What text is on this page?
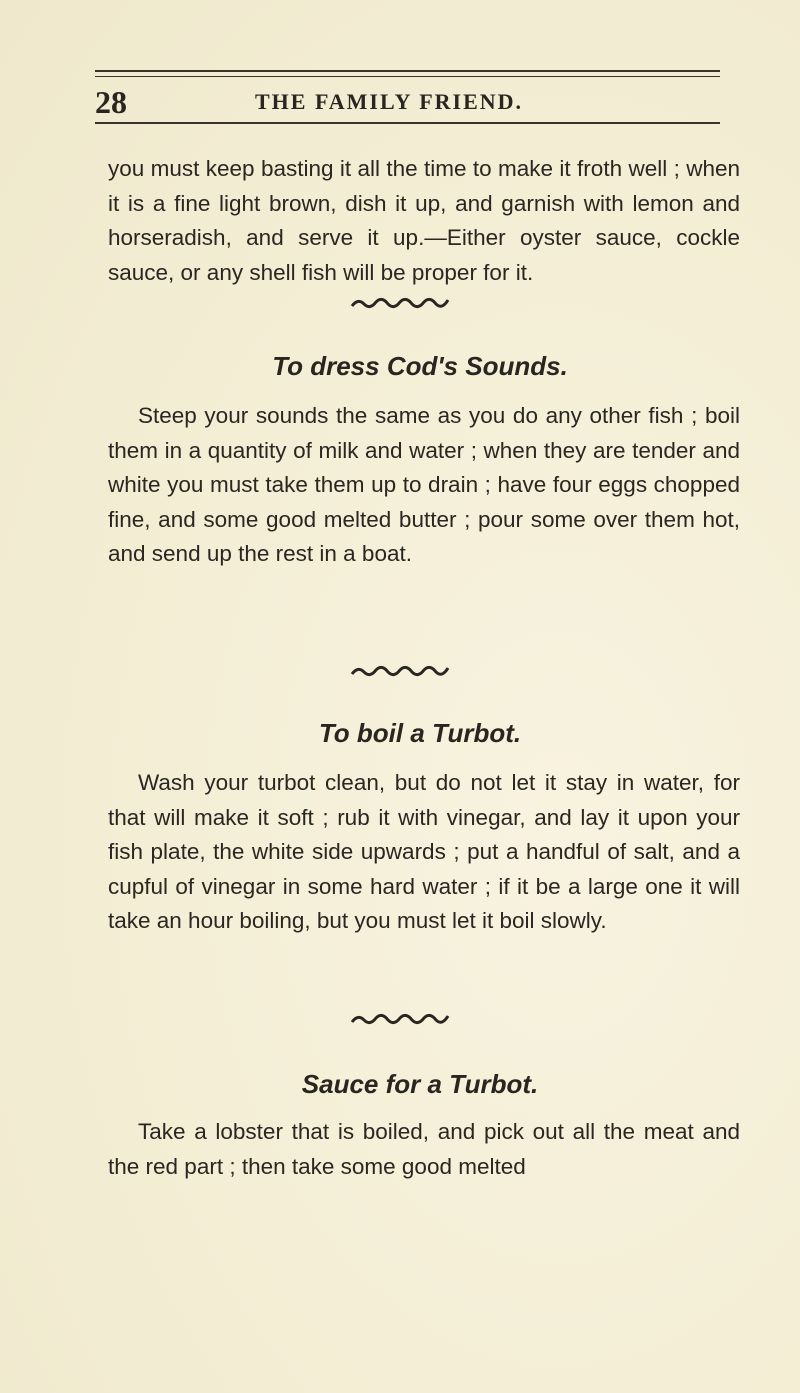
28	THE FAMILY FRIEND.

you must keep basting it all the time to make it froth well ; when it is a fine light brown, dish it up, and garnish with lemon and horseradish, and serve it up.—Either oyster sauce, cockle sauce, or any shell fish will be proper for it.

To dress Cod's Sounds.

Steep your sounds the same as you do any other fish ; boil them in a quantity of milk and water ; when they are tender and white you must take them up to drain ; have four eggs chopped fine, and some good melted butter ; pour some over them hot, and send up the rest in a boat.

To boil a Turbot.

Wash your turbot clean, but do not let it stay in water, for that will make it soft ; rub it with vinegar, and lay it upon your fish plate, the white side upwards ; put a handful of salt, and a cupful of vinegar in some hard water ; if it be a large one it will take an hour boiling, but you must let it boil slowly.

Sauce for a Turbot.

Take a lobster that is boiled, and pick out all the meat and the red part ; then take some good melted
